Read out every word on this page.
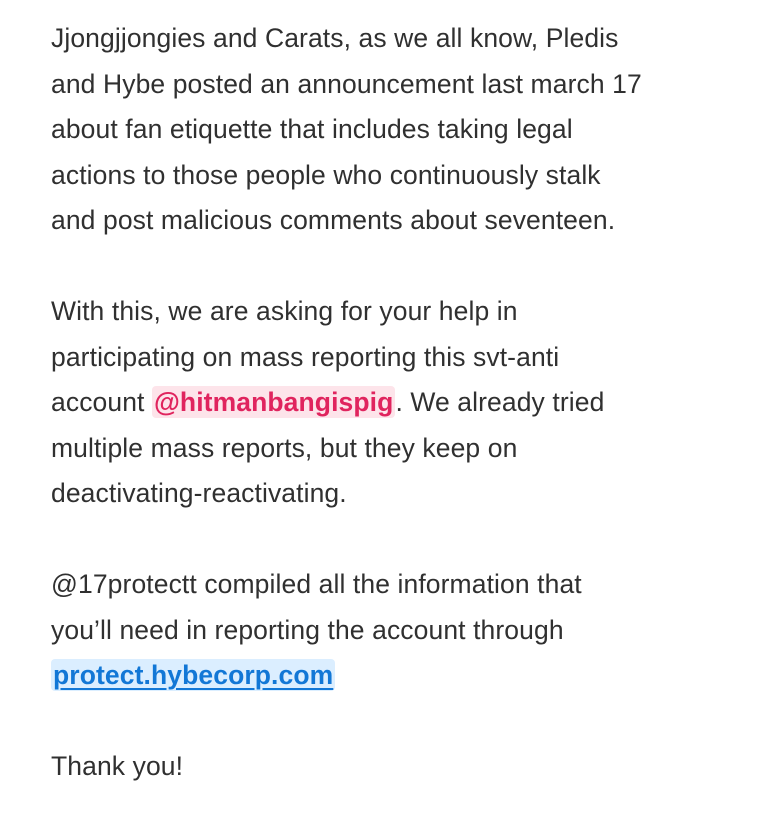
Jjongjjongies and Carats, as we all know, Pledis
and Hybe posted an announcement last march 17
about fan etiquette that includes taking legal
actions to those people who continuously stalk
and post malicious comments about seventeen.

With this, we are asking for your help in
participating on mass reporting this svt-anti
account @hitmanbangispig. We already tried
multiple mass reports, but they keep on
deactivating-reactivating.

@17protectt compiled all the information that
you’ll need in reporting the account through
protect.hybecorp.com

Thank you!
